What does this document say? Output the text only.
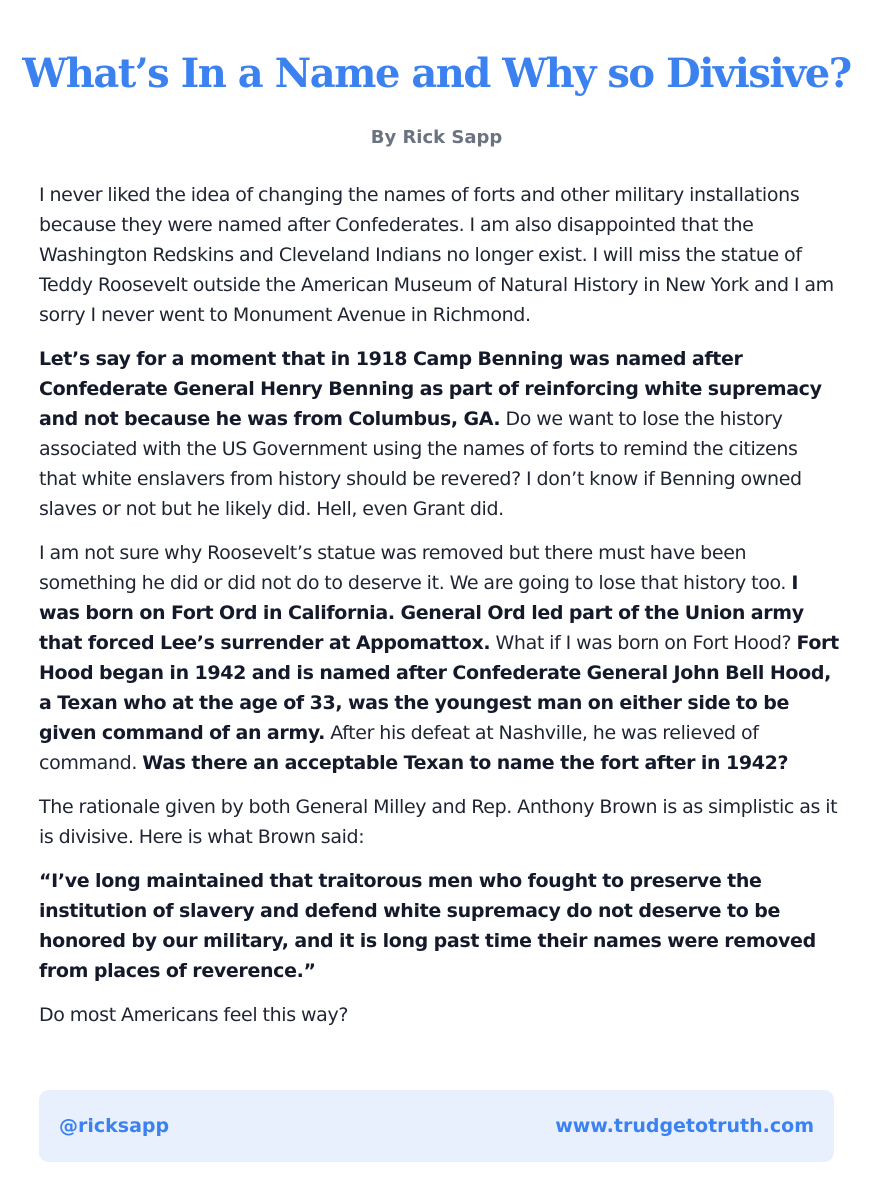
What’s In a Name and Why so Divisive?
By Rick Sapp

I never liked the idea of changing the names of forts and other military installations because they were named after Confederates. I am also disappointed that the Washington Redskins and Cleveland Indians no longer exist. I will miss the statue of Teddy Roosevelt outside the American Museum of Natural History in New York and I am sorry I never went to Monument Avenue in Richmond.

Let’s say for a moment that in 1918 Camp Benning was named after Confederate General Henry Benning as part of reinforcing white supremacy and not because he was from Columbus, GA. Do we want to lose the history associated with the US Government using the names of forts to remind the citizens that white enslavers from history should be revered? I don’t know if Benning owned slaves or not but he likely did. Hell, even Grant did.

I am not sure why Roosevelt’s statue was removed but there must have been something he did or did not do to deserve it. We are going to lose that history too. I was born on Fort Ord in California. General Ord led part of the Union army that forced Lee’s surrender at Appomattox. What if I was born on Fort Hood? Fort Hood began in 1942 and is named after Confederate General John Bell Hood, a Texan who at the age of 33, was the youngest man on either side to be given command of an army. After his defeat at Nashville, he was relieved of command. Was there an acceptable Texan to name the fort after in 1942?

The rationale given by both General Milley and Rep. Anthony Brown is as simplistic as it is divisive. Here is what Brown said:

“I’ve long maintained that traitorous men who fought to preserve the institution of slavery and defend white supremacy do not deserve to be honored by our military, and it is long past time their names were removed from places of reverence.”

Do most Americans feel this way?

@ricksapp	www.trudgetotruth.com
